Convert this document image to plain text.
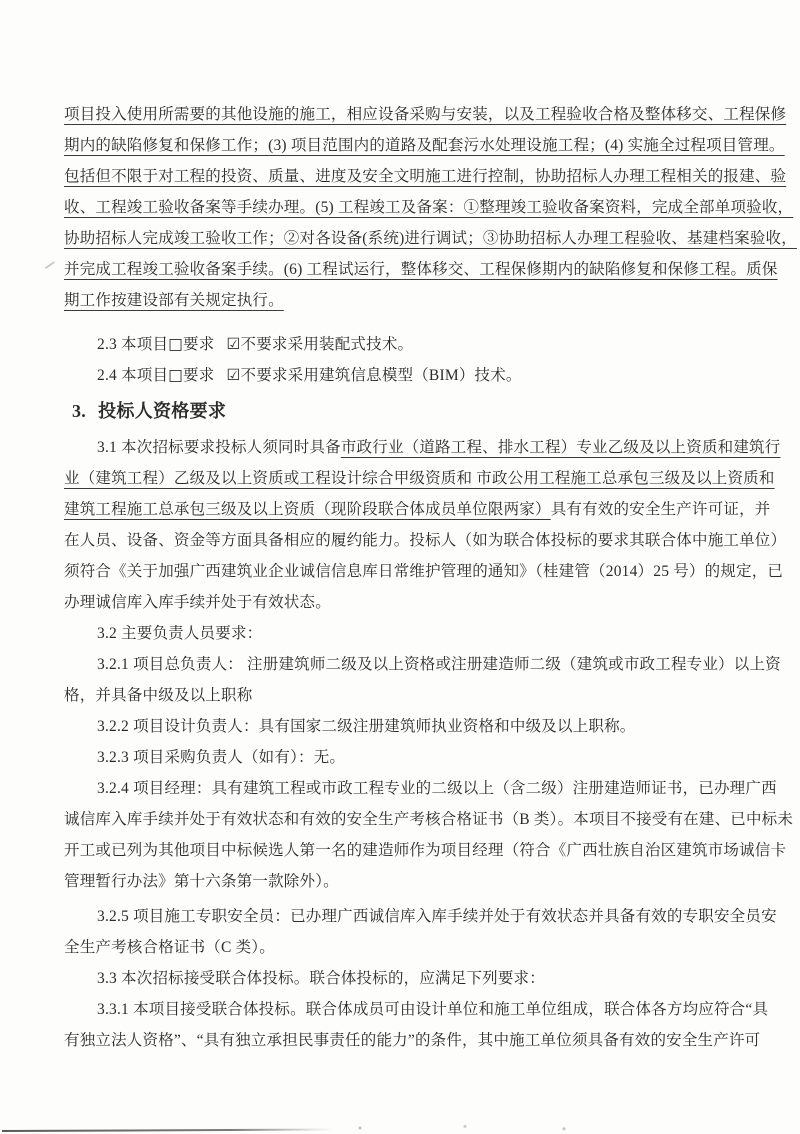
项目投入使用所需要的其他设施的施工，相应设备采购与安装，以及工程验收合格及整体移交、工程保修
期内的缺陷修复和保修工作；(3) 项目范围内的道路及配套污水处理设施工程；(4) 实施全过程项目管理。
包括但不限于对工程的投资、质量、进度及安全文明施工进行控制，协助招标人办理工程相关的报建、验
收、工程竣工验收备案等手续办理。(5) 工程竣工及备案：①整理竣工验收备案资料，完成全部单项验收，
协助招标人完成竣工验收工作；②对各设备(系统)进行调试；③协助招标人办理工程验收、基建档案验收，
并完成工程竣工验收备案手续。(6) 工程试运行，整体移交、工程保修期内的缺陷修复和保修工程。质保
期工作按建设部有关规定执行。
2.3 本项目□要求 ☑不要求采用装配式技术。
2.4 本项目□要求 ☑不要求采用建筑信息模型（BIM）技术。
3. 投标人资格要求
3.1 本次招标要求投标人须同时具备市政行业（道路工程、排水工程）专业乙级及以上资质和建筑行
业（建筑工程）乙级及以上资质或工程设计综合甲级资质和 市政公用工程施工总承包三级及以上资质和
建筑工程施工总承包三级及以上资质（现阶段联合体成员单位限两家）具有有效的安全生产许可证，并
在人员、设备、资金等方面具备相应的履约能力。投标人（如为联合体投标的要求其联合体中施工单位）
须符合《关于加强广西建筑业企业诚信信息库日常维护管理的通知》（桂建管（2014）25 号）的规定，已
办理诚信库入库手续并处于有效状态。
3.2 主要负责人员要求：
3.2.1 项目总负责人： 注册建筑师二级及以上资格或注册建造师二级（建筑或市政工程专业）以上资
格，并具备中级及以上职称
3.2.2 项目设计负责人：具有国家二级注册建筑师执业资格和中级及以上职称。
3.2.3 项目采购负责人（如有）：无。
3.2.4 项目经理：具有建筑工程或市政工程专业的二级以上（含二级）注册建造师证书，已办理广西
诚信库入库手续并处于有效状态和有效的安全生产考核合格证书（B 类）。本项目不接受有在建、已中标未
开工或已列为其他项目中标候选人第一名的建造师作为项目经理（符合《广西壮族自治区建筑市场诚信卡
管理暂行办法》第十六条第一款除外）。
3.2.5 项目施工专职安全员：已办理广西诚信库入库手续并处于有效状态并具备有效的专职安全员安
全生产考核合格证书（C 类）。
3.3 本次招标接受联合体投标。联合体投标的，应满足下列要求：
3.3.1 本项目接受联合体投标。联合体成员可由设计单位和施工单位组成，联合体各方均应符合“具
有独立法人资格”、“具有独立承担民事责任的能力”的条件，其中施工单位须具备有效的安全生产许可
